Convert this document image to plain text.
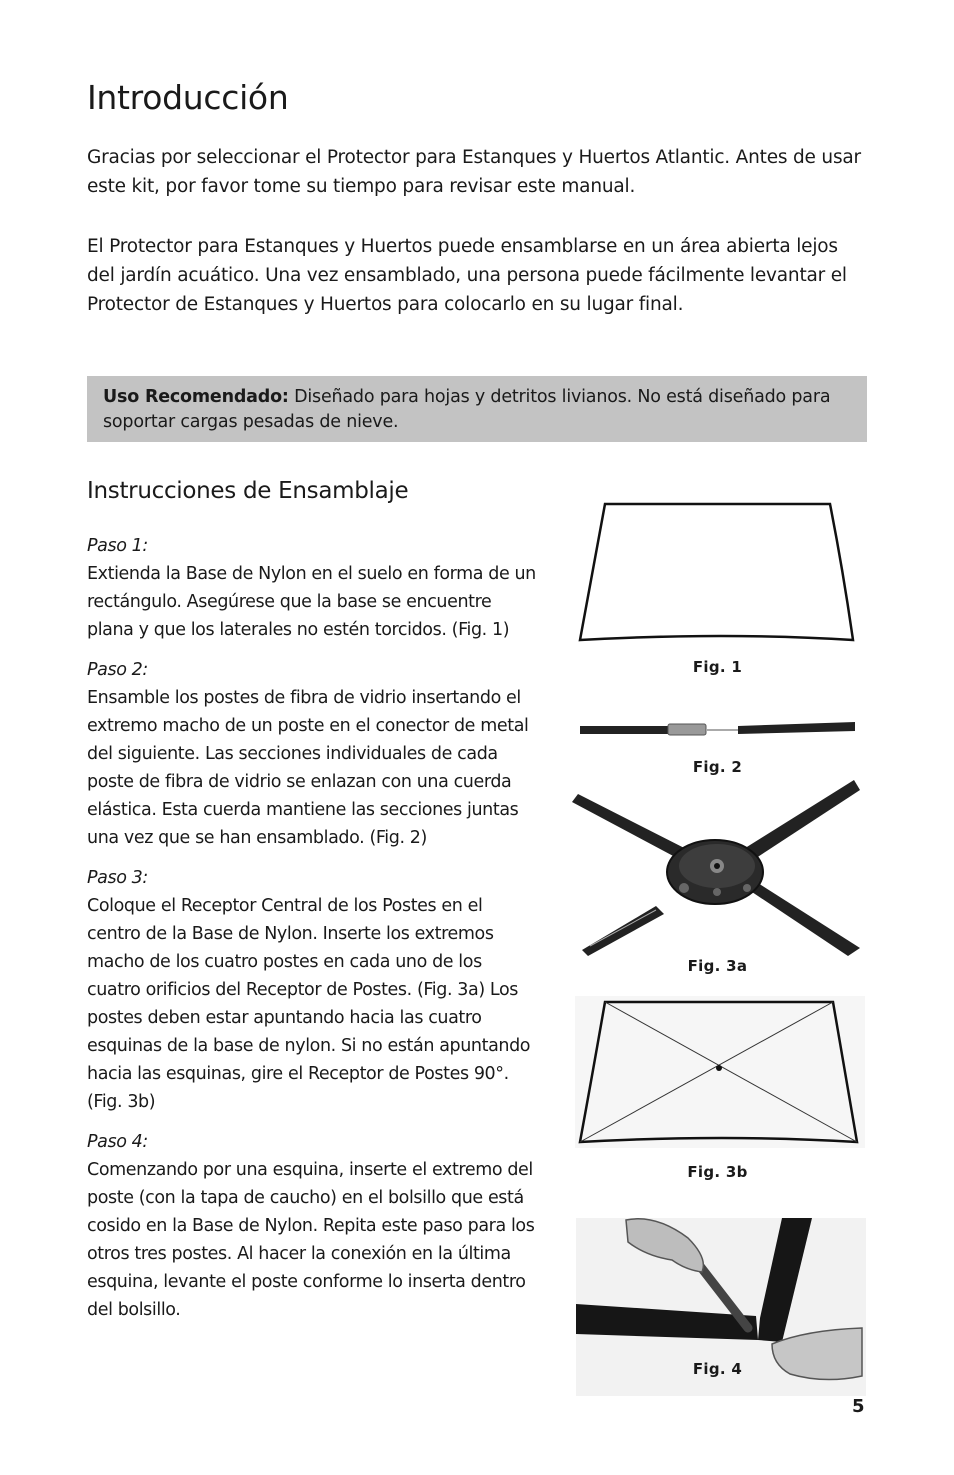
Introducción

Gracias por seleccionar el Protector para Estanques y Huertos Atlantic. Antes de usar este kit, por favor tome su tiempo para revisar este manual.

El Protector para Estanques y Huertos puede ensamblarse en un área abierta lejos del jardín acuático. Una vez ensamblado, una persona puede fácilmente levantar el Protector de Estanques y Huertos para colocarlo en su lugar final.

Uso Recomendado: Diseñado para hojas y detritos livianos. No está diseñado para soportar cargas pesadas de nieve.
Instrucciones de Ensamblaje
Paso 1:
Extienda la Base de Nylon en el suelo en forma de un rectángulo. Asegúrese que la base se encuentre plana y que los laterales no estén torcidos. (Fig. 1)
Paso 2:
Ensamble los postes de fibra de vidrio insertando el extremo macho de un poste en el conector de metal del siguiente. Las secciones individuales de cada poste de fibra de vidrio se enlazan con una cuerda elástica. Esta cuerda mantiene las secciones juntas una vez que se han ensamblado. (Fig. 2)
Paso 3:
Coloque el Receptor Central de los Postes en el centro de la Base de Nylon. Inserte los extremos macho de los cuatro postes en cada uno de los cuatro orificios del Receptor de Postes. (Fig. 3a) Los postes deben estar apuntando hacia las cuatro esquinas de la base de nylon. Si no están apuntando hacia las esquinas, gire el Receptor de Postes 90°. (Fig. 3b)
Paso 4:
Comenzando por una esquina, inserte el extremo del poste (con la tapa de caucho) en el bolsillo que está cosido en la Base de Nylon. Repita este paso para los otros tres postes. Al hacer la conexión en la última esquina, levante el poste conforme lo inserta dentro del bolsillo.
Fig. 1
Fig. 2
Fig. 3a
Fig. 3b
Fig. 4
5
